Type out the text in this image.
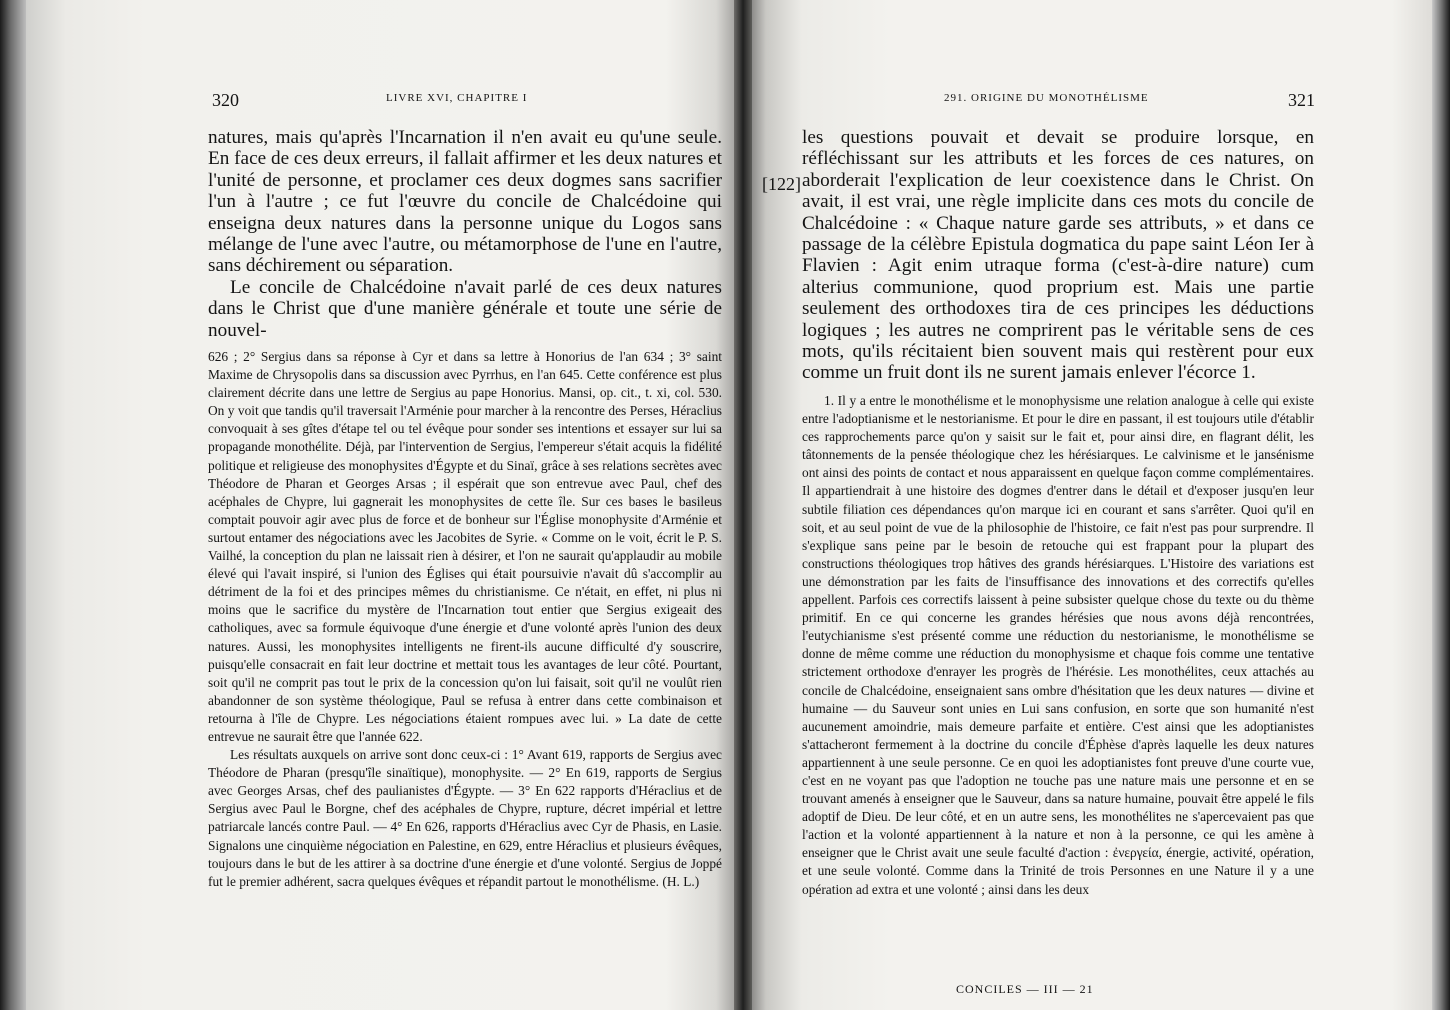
320	LIVRE XVI, CHAPITRE I

natures, mais qu'après l'Incarnation il n'en avait eu qu'une seule. En face de ces deux erreurs, il fallait affirmer et les deux natures et l'unité de personne, et proclamer ces deux dogmes sans sacrifier l'un à l'autre ; ce fut l'œuvre du concile de Chalcédoine qui enseigna deux natures dans la personne unique du Logos sans mélange de l'une avec l'autre, ou métamorphose de l'une en l'autre, sans déchirement ou séparation.

Le concile de Chalcédoine n'avait parlé de ces deux natures dans le Christ que d'une manière générale et toute une série de nouvel-

626 ; 2° Sergius dans sa réponse à Cyr et dans sa lettre à Honorius de l'an 634 ; 3° saint Maxime de Chrysopolis dans sa discussion avec Pyrrhus, en l'an 645. Cette conférence est plus clairement décrite dans une lettre de Sergius au pape Honorius. Mansi, op. cit., t. xi, col. 530. On y voit que tandis qu'il traversait l'Arménie pour marcher à la rencontre des Perses, Héraclius convoquait à ses gîtes d'étape tel ou tel évêque pour sonder ses intentions et essayer sur lui sa propagande monothélite. Déjà, par l'intervention de Sergius, l'empereur s'était acquis la fidélité politique et religieuse des monophysites d'Égypte et du Sinaï, grâce à ses relations secrètes avec Théodore de Pharan et Georges Arsas ; il espérait que son entrevue avec Paul, chef des acéphales de Chypre, lui gagnerait les monophysites de cette île. Sur ces bases le basileus comptait pouvoir agir avec plus de force et de bonheur sur l'Église monophysite d'Arménie et surtout entamer des négociations avec les Jacobites de Syrie. « Comme on le voit, écrit le P. S. Vailhé, la conception du plan ne laissait rien à désirer, et l'on ne saurait qu'applaudir au mobile élevé qui l'avait inspiré, si l'union des Églises qui était poursuivie n'avait dû s'accomplir au détriment de la foi et des principes mêmes du christianisme. Ce n'était, en effet, ni plus ni moins que le sacrifice du mystère de l'Incarnation tout entier que Sergius exigeait des catholiques, avec sa formule équivoque d'une énergie et d'une volonté après l'union des deux natures. Aussi, les monophysites intelligents ne firent-ils aucune difficulté d'y souscrire, puisqu'elle consacrait en fait leur doctrine et mettait tous les avantages de leur côté. Pourtant, soit qu'il ne comprit pas tout le prix de la concession qu'on lui faisait, soit qu'il ne voulût rien abandonner de son système théologique, Paul se refusa à entrer dans cette combinaison et retourna à l'île de Chypre. Les négociations étaient rompues avec lui. » La date de cette entrevue ne saurait être que l'année 622.

Les résultats auxquels on arrive sont donc ceux-ci : 1° Avant 619, rapports de Sergius avec Théodore de Pharan (presqu'île sinaïtique), monophysite. — 2° En 619, rapports de Sergius avec Georges Arsas, chef des paulianistes d'Égypte. — 3° En 622 rapports d'Héraclius et de Sergius avec Paul le Borgne, chef des acéphales de Chypre, rupture, décret impérial et lettre patriarcale lancés contre Paul. — 4° En 626, rapports d'Héraclius avec Cyr de Phasis, en Lasie. Signalons une cinquième négociation en Palestine, en 629, entre Héraclius et plusieurs évêques, toujours dans le but de les attirer à sa doctrine d'une énergie et d'une volonté. Sergius de Joppé fut le premier adhérent, sacra quelques évêques et répandit partout le monothélisme. (H. L.)

291. ORIGINE DU MONOTHÉLISME	321
[122]

les questions pouvait et devait se produire lorsque, en réfléchissant sur les attributs et les forces de ces natures, on aborderait l'explication de leur coexistence dans le Christ. On avait, il est vrai, une règle implicite dans ces mots du concile de Chalcédoine : « Chaque nature garde ses attributs, » et dans ce passage de la célèbre Epistula dogmatica du pape saint Léon Ier à Flavien : Agit enim utraque forma (c'est-à-dire nature) cum alterius communione, quod proprium est. Mais une partie seulement des orthodoxes tira de ces principes les déductions logiques ; les autres ne comprirent pas le véritable sens de ces mots, qu'ils récitaient bien souvent mais qui restèrent pour eux comme un fruit dont ils ne surent jamais enlever l'écorce 1.

1. Il y a entre le monothélisme et le monophysisme une relation analogue à celle qui existe entre l'adoptianisme et le nestorianisme. Et pour le dire en passant, il est toujours utile d'établir ces rapprochements parce qu'on y saisit sur le fait et, pour ainsi dire, en flagrant délit, les tâtonnements de la pensée théologique chez les hérésiarques. Le calvinisme et le jansénisme ont ainsi des points de contact et nous apparaissent en quelque façon comme complémentaires. Il appartiendrait à une histoire des dogmes d'entrer dans le détail et d'exposer jusqu'en leur subtile filiation ces dépendances qu'on marque ici en courant et sans s'arrêter. Quoi qu'il en soit, et au seul point de vue de la philosophie de l'histoire, ce fait n'est pas pour surprendre. Il s'explique sans peine par le besoin de retouche qui est frappant pour la plupart des constructions théologiques trop hâtives des grands hérésiarques. L'Histoire des variations est une démonstration par les faits de l'insuffisance des innovations et des correctifs qu'elles appellent. Parfois ces correctifs laissent à peine subsister quelque chose du texte ou du thème primitif. En ce qui concerne les grandes hérésies que nous avons déjà rencontrées, l'eutychianisme s'est présenté comme une réduction du nestorianisme, le monothélisme se donne de même comme une réduction du monophysisme et chaque fois comme une tentative strictement orthodoxe d'enrayer les progrès de l'hérésie. Les monothélites, ceux attachés au concile de Chalcédoine, enseignaient sans ombre d'hésitation que les deux natures — divine et humaine — du Sauveur sont unies en Lui sans confusion, en sorte que son humanité n'est aucunement amoindrie, mais demeure parfaite et entière. C'est ainsi que les adoptianistes s'attacheront fermement à la doctrine du concile d'Éphèse d'après laquelle les deux natures appartiennent à une seule personne. Ce en quoi les adoptianistes font preuve d'une courte vue, c'est en ne voyant pas que l'adoption ne touche pas une nature mais une personne et en se trouvant amenés à enseigner que le Sauveur, dans sa nature humaine, pouvait être appelé le fils adoptif de Dieu. De leur côté, et en un autre sens, les monothélites ne s'apercevaient pas que l'action et la volonté appartiennent à la nature et non à la personne, ce qui les amène à enseigner que le Christ avait une seule faculté d'action : ἐνεργεία, énergie, activité, opération, et une seule volonté. Comme dans la Trinité de trois Personnes en une Nature il y a une opération ad extra et une volonté ; ainsi dans les deux

CONCILES — III — 21
